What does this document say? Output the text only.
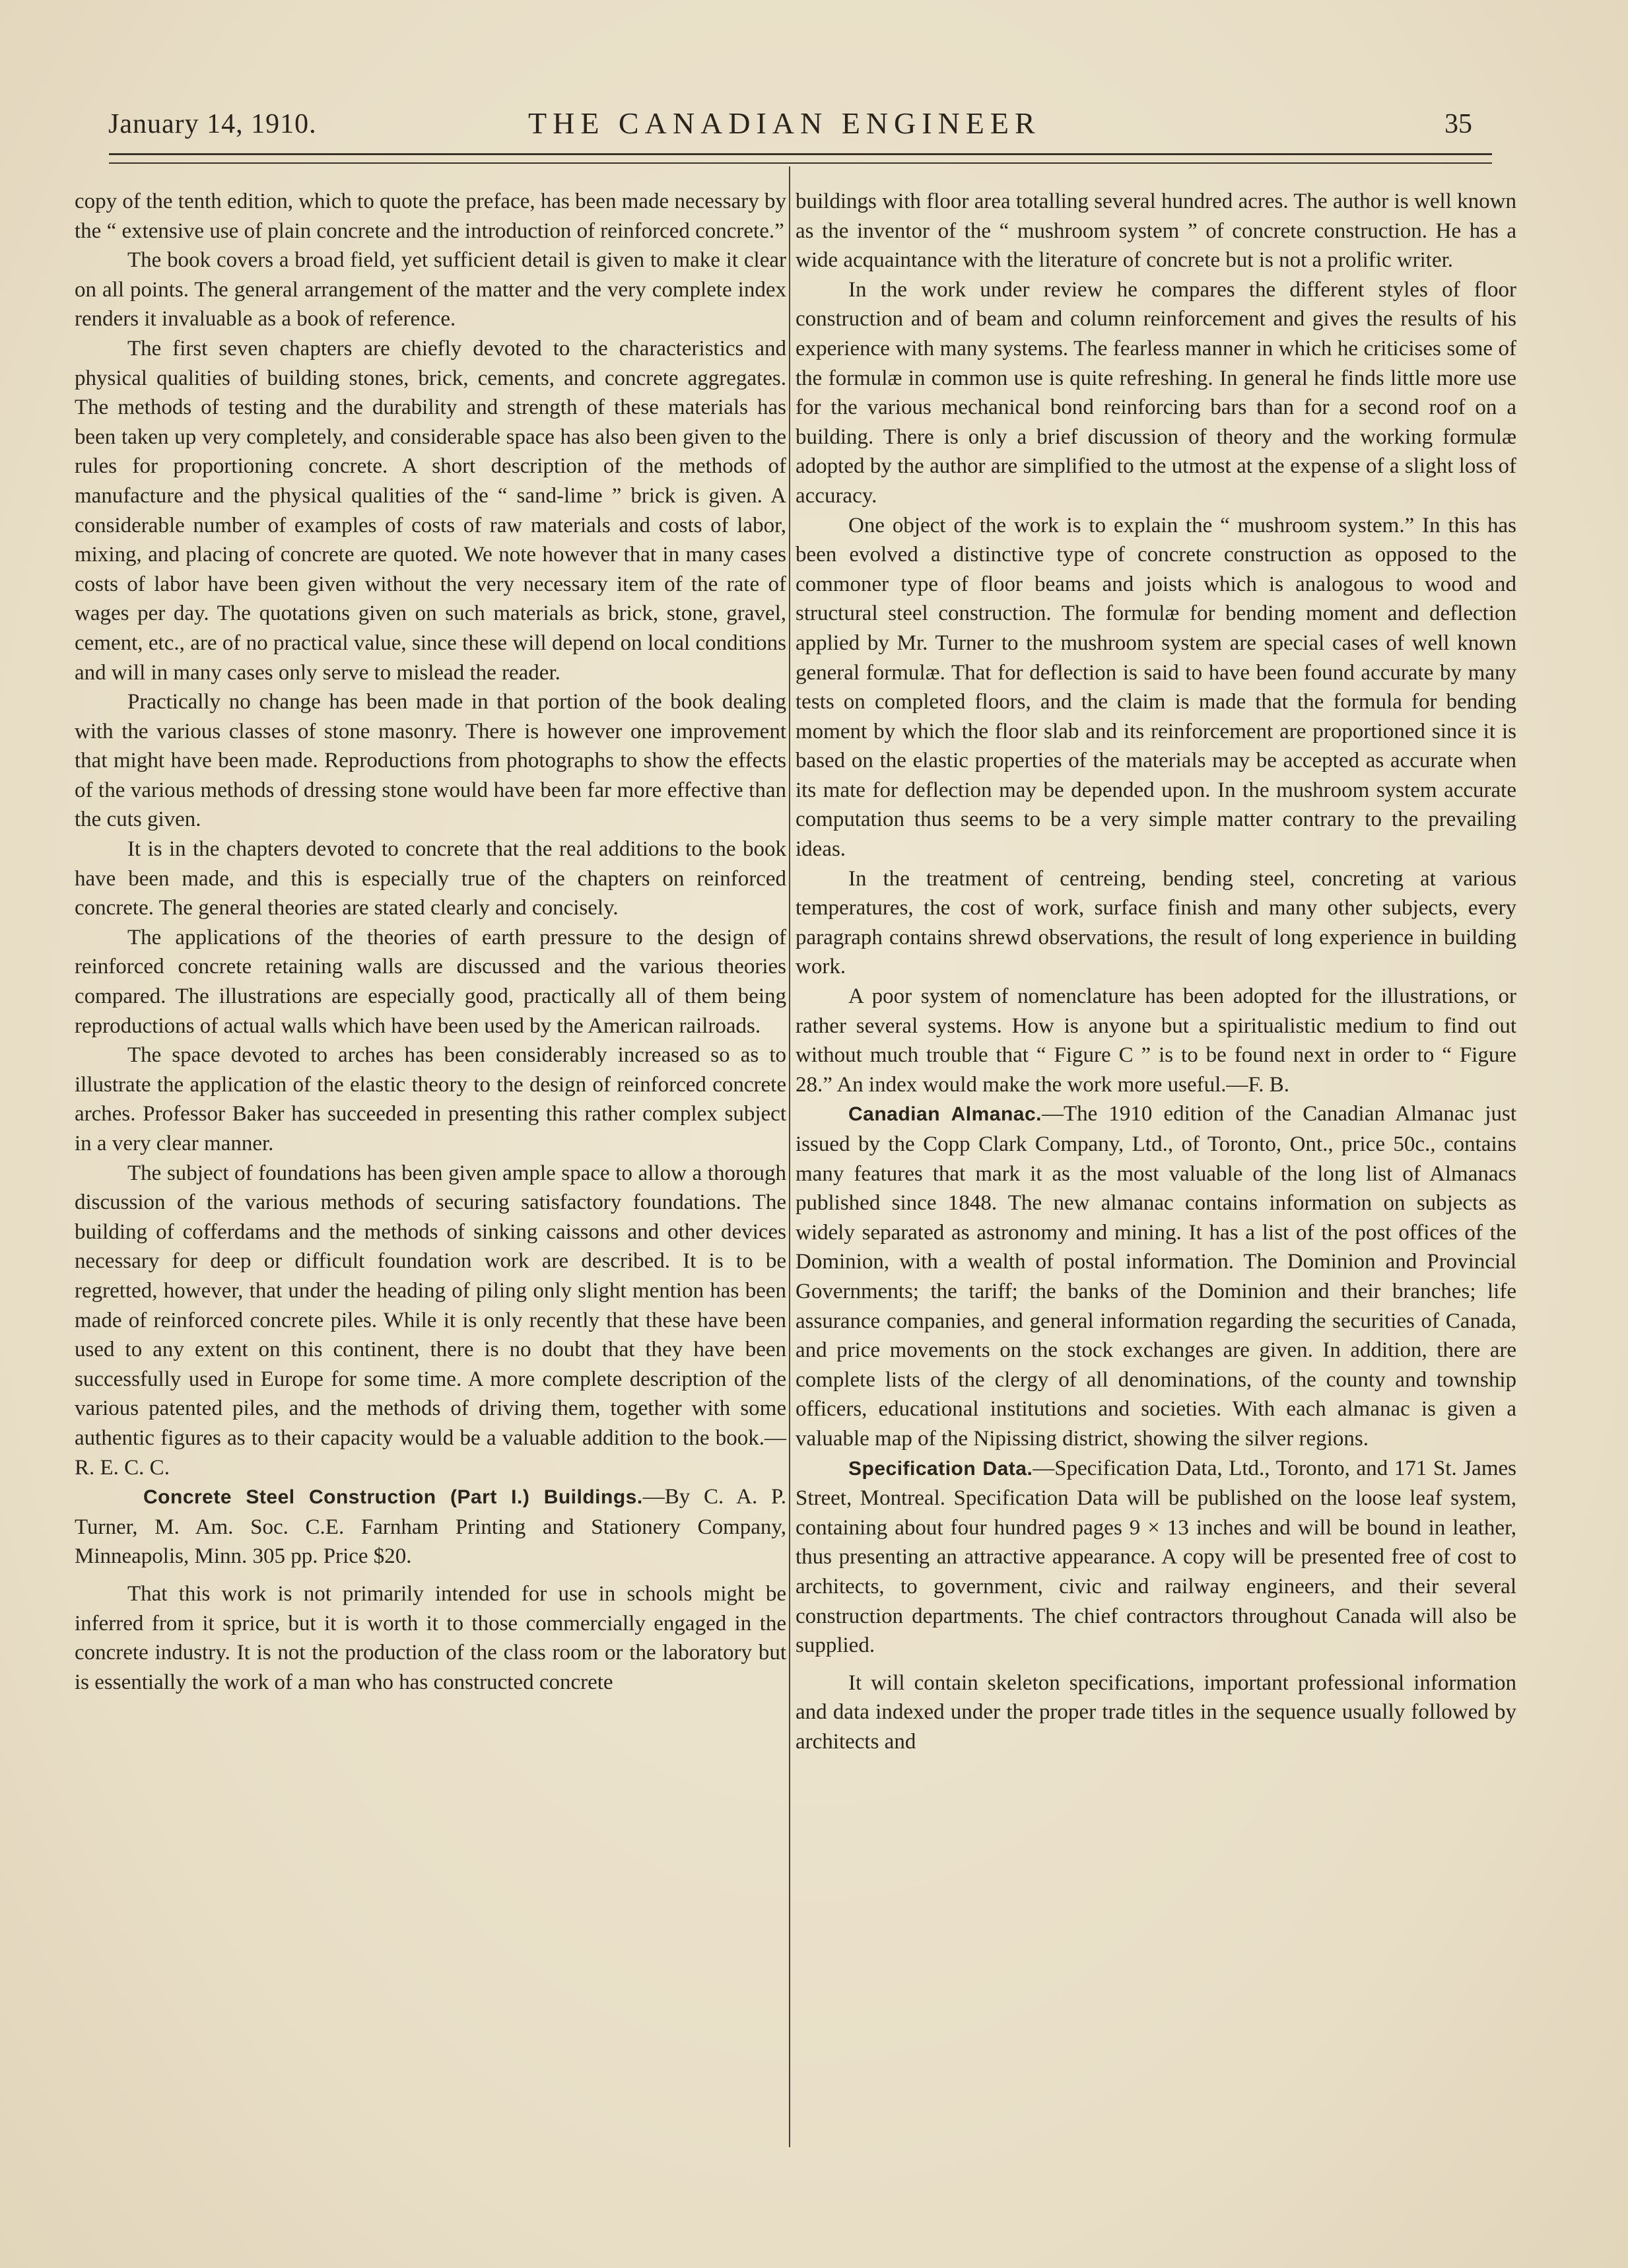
January 14, 1910.	THE CANADIAN ENGINEER	35

copy of the tenth edition, which to quote the preface, has been made necessary by the “ extensive use of plain concrete and the introduction of reinforced concrete.”

The book covers a broad field, yet sufficient detail is given to make it clear on all points. The general arrangement of the matter and the very complete index renders it invaluable as a book of reference.

The first seven chapters are chiefly devoted to the characteristics and physical qualities of building stones, brick, cements, and concrete aggregates. The methods of testing and the durability and strength of these materials has been taken up very completely, and considerable space has also been given to the rules for proportioning concrete. A short description of the methods of manufacture and the physical qualities of the “ sand-lime ” brick is given. A considerable number of examples of costs of raw materials and costs of labor, mixing, and placing of concrete are quoted. We note however that in many cases costs of labor have been given without the very necessary item of the rate of wages per day. The quotations given on such materials as brick, stone, gravel, cement, etc., are of no practical value, since these will depend on local conditions and will in many cases only serve to mislead the reader.

Practically no change has been made in that portion of the book dealing with the various classes of stone masonry. There is however one improvement that might have been made. Reproductions from photographs to show the effects of the various methods of dressing stone would have been far more effective than the cuts given.

It is in the chapters devoted to concrete that the real additions to the book have been made, and this is especially true of the chapters on reinforced concrete. The general theories are stated clearly and concisely.

The applications of the theories of earth pressure to the design of reinforced concrete retaining walls are discussed and the various theories compared. The illustrations are especially good, practically all of them being reproductions of actual walls which have been used by the American railroads.

The space devoted to arches has been considerably increased so as to illustrate the application of the elastic theory to the design of reinforced concrete arches. Professor Baker has succeeded in presenting this rather complex subject in a very clear manner.

The subject of foundations has been given ample space to allow a thorough discussion of the various methods of securing satisfactory foundations. The building of cofferdams and the methods of sinking caissons and other devices necessary for deep or difficult foundation work are described. It is to be regretted, however, that under the heading of piling only slight mention has been made of reinforced concrete piles. While it is only recently that these have been used to any extent on this continent, there is no doubt that they have been successfully used in Europe for some time. A more complete description of the various patented piles, and the methods of driving them, together with some authentic figures as to their capacity would be a valuable addition to the book.—R. E. C. C.

Concrete Steel Construction (Part I.) Buildings.—By C. A. P. Turner, M. Am. Soc. C.E. Farnham Printing and Stationery Company, Minneapolis, Minn. 305 pp. Price $20.

That this work is not primarily intended for use in schools might be inferred from it sprice, but it is worth it to those commercially engaged in the concrete industry. It is not the production of the class room or the laboratory but is essentially the work of a man who has constructed concrete

buildings with floor area totalling several hundred acres. The author is well known as the inventor of the “ mushroom system ” of concrete construction. He has a wide acquaintance with the literature of concrete but is not a prolific writer.

In the work under review he compares the different styles of floor construction and of beam and column reinforcement and gives the results of his experience with many systems. The fearless manner in which he criticises some of the formulæ in common use is quite refreshing. In general he finds little more use for the various mechanical bond reinforcing bars than for a second roof on a building. There is only a brief discussion of theory and the working formulæ adopted by the author are simplified to the utmost at the expense of a slight loss of accuracy.

One object of the work is to explain the “ mushroom system.” In this has been evolved a distinctive type of concrete construction as opposed to the commoner type of floor beams and joists which is analogous to wood and structural steel construction. The formulæ for bending moment and deflection applied by Mr. Turner to the mushroom system are special cases of well known general formulæ. That for deflection is said to have been found accurate by many tests on completed floors, and the claim is made that the formula for bending moment by which the floor slab and its reinforcement are proportioned since it is based on the elastic properties of the materials may be accepted as accurate when its mate for deflection may be depended upon. In the mushroom system accurate computation thus seems to be a very simple matter contrary to the prevailing ideas.

In the treatment of centreing, bending steel, concreting at various temperatures, the cost of work, surface finish and many other subjects, every paragraph contains shrewd observations, the result of long experience in building work.

A poor system of nomenclature has been adopted for the illustrations, or rather several systems. How is anyone but a spiritualistic medium to find out without much trouble that “ Figure C ” is to be found next in order to “ Figure 28.” An index would make the work more useful.—F. B.

Canadian Almanac.—The 1910 edition of the Canadian Almanac just issued by the Copp Clark Company, Ltd., of Toronto, Ont., price 50c., contains many features that mark it as the most valuable of the long list of Almanacs published since 1848. The new almanac contains information on subjects as widely separated as astronomy and mining. It has a list of the post offices of the Dominion, with a wealth of postal information. The Dominion and Provincial Governments; the tariff; the banks of the Dominion and their branches; life assurance companies, and general information regarding the securities of Canada, and price movements on the stock exchanges are given. In addition, there are complete lists of the clergy of all denominations, of the county and township officers, educational institutions and societies. With each almanac is given a valuable map of the Nipissing district, showing the silver regions.

Specification Data.—Specification Data, Ltd., Toronto, and 171 St. James Street, Montreal. Specification Data will be published on the loose leaf system, containing about four hundred pages 9 × 13 inches and will be bound in leather, thus presenting an attractive appearance. A copy will be presented free of cost to architects, to government, civic and railway engineers, and their several construction departments. The chief contractors throughout Canada will also be supplied.

It will contain skeleton specifications, important professional information and data indexed under the proper trade titles in the sequence usually followed by architects and
